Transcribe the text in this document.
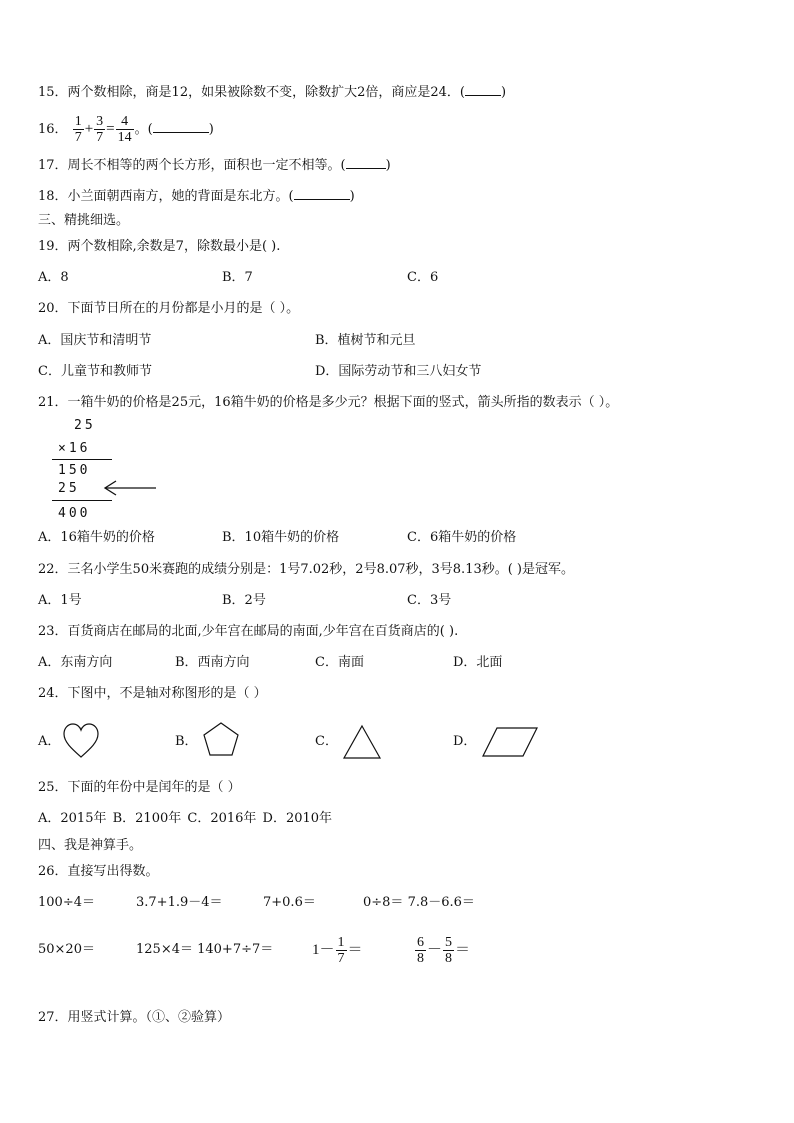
15．两个数相除，商是12，如果被除数不变，除数扩大2倍，商应是24．(	)
16． $\frac{1}{7} + \frac{3}{7} = \frac{4}{14}$ 。(	)
17．周长不相等的两个长方形，面积也一定不相等。(	)
18．小兰面朝西南方，她的背面是东北方。(	)
三、精挑细选。
19．两个数相除,余数是7，除数最小是( ).
A．8	B．7	C．6
20．下面节日所在的月份都是小月的是（ ）。
A．国庆节和清明节	B．植树节和元旦
C．儿童节和教师节	D．国际劳动节和三八妇女节
21．一箱牛奶的价格是25元，16箱牛奶的价格是多少元？根据下面的竖式，箭头所指的数表示（ ）。
25
×16
150
25
400
A．16箱牛奶的价格	B．10箱牛奶的价格	C．6箱牛奶的价格
22．三名小学生50米赛跑的成绩分别是：1号7.02秒，2号8.07秒，3号8.13秒。( )是冠军。
A．1号	B．2号	C．3号
23．百货商店在邮局的北面,少年宫在邮局的南面,少年宫在百货商店的( ).
A．东南方向	B．西南方向	C．南面	D．北面
24．下图中，不是轴对称图形的是（ ）
A．	B．	C．	D．
25．下面的年份中是闰年的是（ ）
A．2015年 B．2100年 C．2016年 D．2010年
四、我是神算手。
26．直接写出得数。
100÷4＝	3.7+1.9－4＝	7+0.6＝	0÷8＝ 7.8－6.6＝
50×20＝	125×4＝ 140+7÷7＝	$1- \frac{1}{7}$ ＝	$\frac{6}{8} - \frac{5}{8}$ ＝
27．用竖式计算。（①、②验算）
